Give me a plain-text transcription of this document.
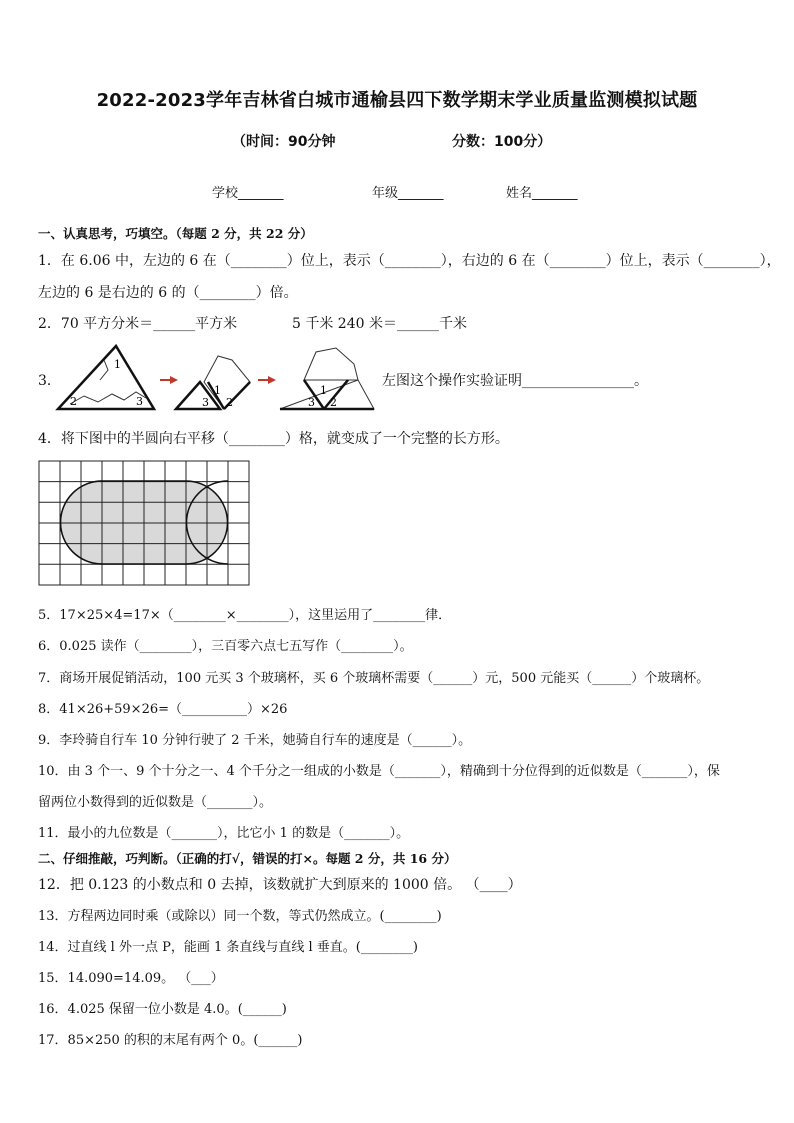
2022-2023学年吉林省白城市通榆县四下数学期末学业质量监测模拟试题
（时间：90分钟	分数：100分）
学校_______	年级_______	姓名_______
一、认真思考，巧填空。（每题 2 分，共 22 分）
1．在 6.06 中，左边的 6 在（________）位上，表示（________），右边的 6 在（________）位上，表示（________），
左边的 6 是右边的 6 的（________）倍。
2．70 平方分米＝______平方米	5 千米 240 米＝______千米
3．
1
2	3
1
3 2
1
3 2
左图这个操作实验证明________________。
4．将下图中的半圆向右平移（________）格，就变成了一个完整的长方形。
5．17×25×4=17×（________×________），这里运用了________律．
6．0.025 读作（________），三百零六点七五写作（________）。
7．商场开展促销活动，100 元买 3 个玻璃杯，买 6 个玻璃杯需要（______）元，500 元能买（______）个玻璃杯。
8．41×26+59×26=（__________）×26
9．李玲骑自行车 10 分钟行驶了 2 千米，她骑自行车的速度是（______）。
10．由 3 个一、9 个十分之一、4 个千分之一组成的小数是（_______），精确到十分位得到的近似数是（_______），保
留两位小数得到的近似数是（_______）。
11．最小的九位数是（_______），比它小 1 的数是（_______）。
二、仔细推敲，巧判断。（正确的打√，错误的打×。每题 2 分，共 16 分）
12．把 0.123 的小数点和 0 去掉，该数就扩大到原来的 1000 倍。 （____）
13．方程两边同时乘（或除以）同一个数，等式仍然成立。(________)
14．过直线 l 外一点 P，能画 1 条直线与直线 l 垂直。(________)
15．14.090=14.09。 （___）
16．4.025 保留一位小数是 4.0。(______)
17．85×250 的积的末尾有两个 0。(______)
